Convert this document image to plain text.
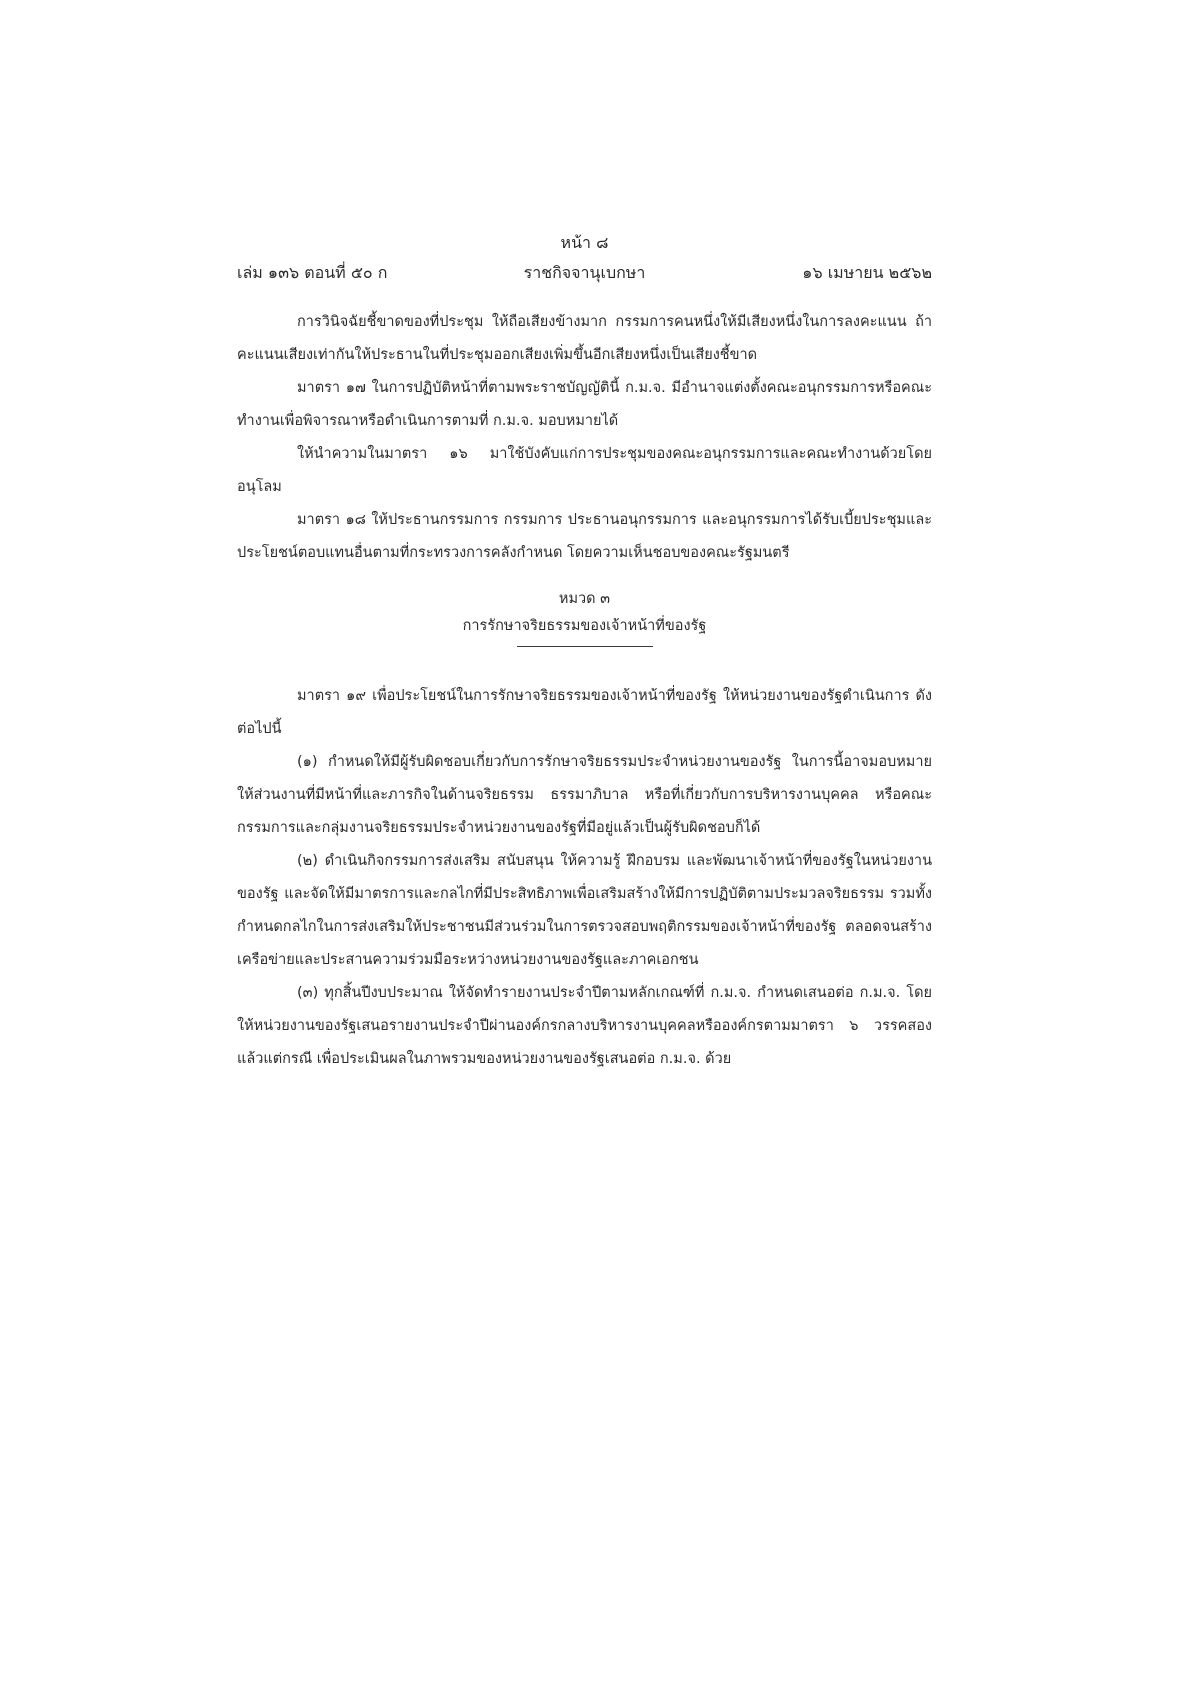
หน้า ๘
เล่ม ๑๓๖ ตอนที่ ๕๐ ก	ราชกิจจานุเบกษา	๑๖ เมษายน ๒๕๖๒

การวินิจฉัยชี้ขาดของที่ประชุม ให้ถือเสียงข้างมาก กรรมการคนหนึ่งให้มีเสียงหนึ่งในการลงคะแนน ถ้าคะแนนเสียงเท่ากันให้ประธานในที่ประชุมออกเสียงเพิ่มขึ้นอีกเสียงหนึ่งเป็นเสียงชี้ขาด

มาตรา ๑๗ ในการปฏิบัติหน้าที่ตามพระราชบัญญัตินี้ ก.ม.จ. มีอำนาจแต่งตั้งคณะอนุกรรมการหรือคณะทำงานเพื่อพิจารณาหรือดำเนินการตามที่ ก.ม.จ. มอบหมายได้

ให้นำความในมาตรา ๑๖ มาใช้บังคับแก่การประชุมของคณะอนุกรรมการและคณะทำงานด้วยโดยอนุโลม

มาตรา ๑๘ ให้ประธานกรรมการ กรรมการ ประธานอนุกรรมการ และอนุกรรมการได้รับเบี้ยประชุมและประโยชน์ตอบแทนอื่นตามที่กระทรวงการคลังกำหนด โดยความเห็นชอบของคณะรัฐมนตรี

หมวด ๓
การรักษาจริยธรรมของเจ้าหน้าที่ของรัฐ

มาตรา ๑๙ เพื่อประโยชน์ในการรักษาจริยธรรมของเจ้าหน้าที่ของรัฐ ให้หน่วยงานของรัฐดำเนินการ ดังต่อไปนี้

(๑) กำหนดให้มีผู้รับผิดชอบเกี่ยวกับการรักษาจริยธรรมประจำหน่วยงานของรัฐ ในการนี้อาจมอบหมายให้ส่วนงานที่มีหน้าที่และภารกิจในด้านจริยธรรม ธรรมาภิบาล หรือที่เกี่ยวกับการบริหารงานบุคคล หรือคณะกรรมการและกลุ่มงานจริยธรรมประจำหน่วยงานของรัฐที่มีอยู่แล้วเป็นผู้รับผิดชอบก็ได้

(๒) ดำเนินกิจกรรมการส่งเสริม สนับสนุน ให้ความรู้ ฝึกอบรม และพัฒนาเจ้าหน้าที่ของรัฐในหน่วยงานของรัฐ และจัดให้มีมาตรการและกลไกที่มีประสิทธิภาพเพื่อเสริมสร้างให้มีการปฏิบัติตามประมวลจริยธรรม รวมทั้งกำหนดกลไกในการส่งเสริมให้ประชาชนมีส่วนร่วมในการตรวจสอบพฤติกรรมของเจ้าหน้าที่ของรัฐ ตลอดจนสร้างเครือข่ายและประสานความร่วมมือระหว่างหน่วยงานของรัฐและภาคเอกชน

(๓) ทุกสิ้นปีงบประมาณ ให้จัดทำรายงานประจำปีตามหลักเกณฑ์ที่ ก.ม.จ. กำหนดเสนอต่อ ก.ม.จ. โดยให้หน่วยงานของรัฐเสนอรายงานประจำปีผ่านองค์กรกลางบริหารงานบุคคลหรือองค์กรตามมาตรา ๖ วรรคสอง แล้วแต่กรณี เพื่อประเมินผลในภาพรวมของหน่วยงานของรัฐเสนอต่อ ก.ม.จ. ด้วย
